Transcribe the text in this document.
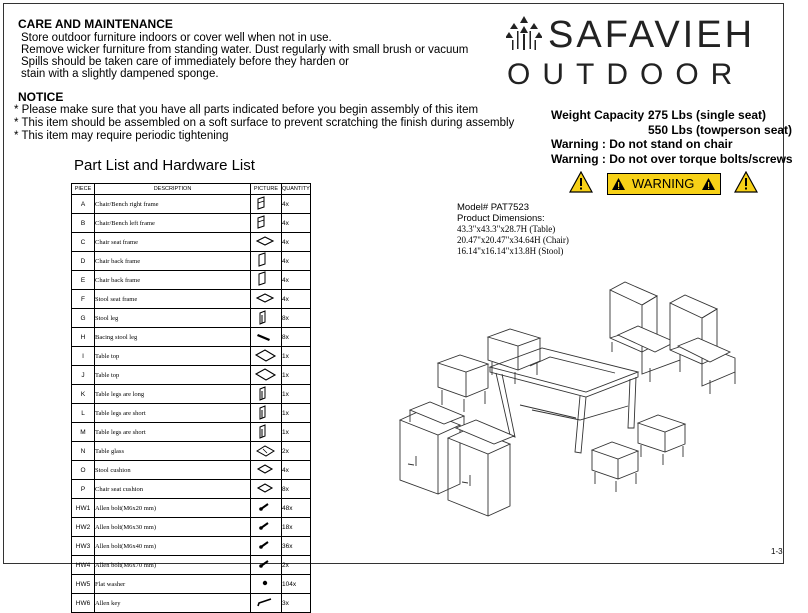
CARE AND MAINTENANCE
Store outdoor furniture indoors or cover well when not in use.
Remove wicker furniture from standing water. Dust regularly with small brush or vacuum
Spills should be taken care of immediately before they harden or
stain with a slightly dampened sponge.
NOTICE
* Please make sure that you have all parts indicated before you begin assembly of this item
* This item should be assembled on a soft surface to prevent scratching the finish during assembly
* This item may require periodic tightening
SAFAVIEH
OUTDOOR
Weight Capacity :
275 Lbs (single seat)
550 Lbs (towperson seat)
Warning : Do not stand on chair
Warning : Do not over torque bolts/screws
WARNING
Part List and Hardware List
PIECE	DESCRIPTION	PICTURE	QUANTITY
A	Chair/Bench right frame		4x
B	Chair/Bench left frame		4x
C	Chair seat frame		4x
D	Chair back frame		4x
E	Chair back frame		4x
F	Stool seat frame		4x
G	Stool leg		8x
H	Bacing stool leg		8x
I	Table top		1x
J	Table top		1x
K	Table legs are long		1x
L	Table legs are short		1x
M	Table legs are short		1x
N	Table glass		2x
O	Stool cushion		4x
P	Chair seat cushion		8x
HW1	Allen bolt(M6x20 mm)		48x
HW2	Allen bolt(M6x30 mm)		18x
HW3	Allen bolt(M6x40 mm)		36x
HW4	Allen bolt(M6x70 mm)		2x
HW5	Flat washer		104x
HW6	Allen key		3x
Model# PAT7523
Product Dimensions:
43.3"x43.3"x28.7H (Table)
20.47"x20.47"x34.64H (Chair)
16.14"x16.14"x13.8H (Stool)
1-3
